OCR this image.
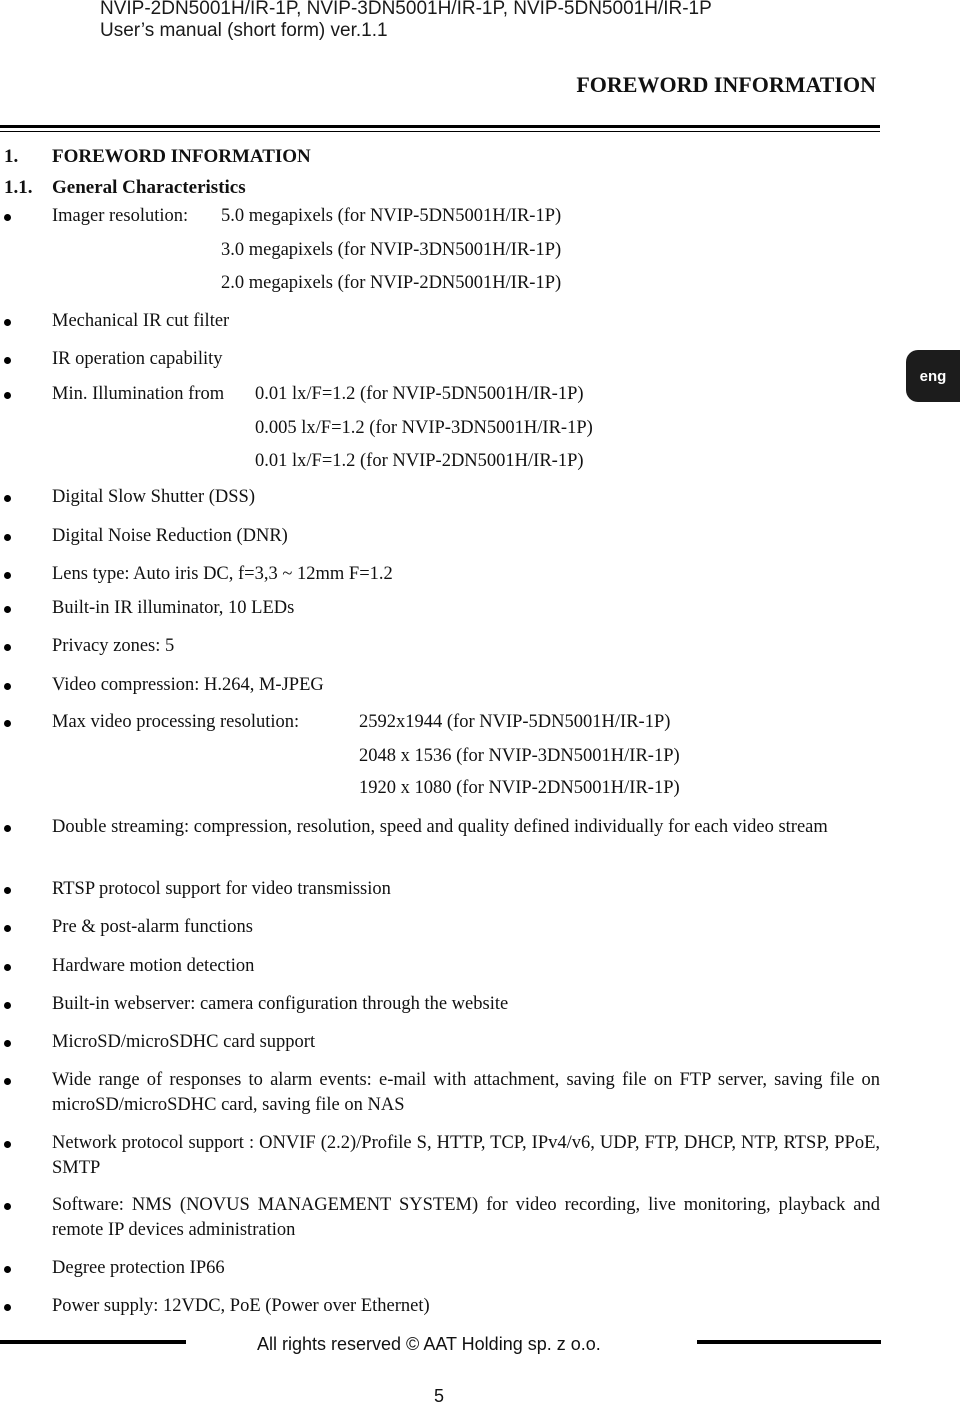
NVIP-2DN5001H/IR-1P, NVIP-3DN5001H/IR-1P, NVIP-5DN5001H/IR-1P
User’s manual (short form) ver.1.1
FOREWORD INFORMATION
eng
1. FOREWORD INFORMATION
1.1. General Characteristics
Imager resolution: 5.0 megapixels (for NVIP-5DN5001H/IR-1P)
3.0 megapixels (for NVIP-3DN5001H/IR-1P)
2.0 megapixels (for NVIP-2DN5001H/IR-1P)
Mechanical IR cut filter
IR operation capability
Min. Illumination from 0.01 lx/F=1.2 (for NVIP-5DN5001H/IR-1P)
0.005 lx/F=1.2 (for NVIP-3DN5001H/IR-1P)
0.01 lx/F=1.2 (for NVIP-2DN5001H/IR-1P)
Digital Slow Shutter (DSS)
Digital Noise Reduction (DNR)
Lens type: Auto iris DC, f=3,3 ~ 12mm F=1.2
Built-in IR illuminator, 10 LEDs
Privacy zones: 5
Video compression: H.264, M-JPEG
Max video processing resolution:	2592x1944 (for NVIP-5DN5001H/IR-1P)
2048 x 1536 (for NVIP-3DN5001H/IR-1P)
1920 x 1080 (for NVIP-2DN5001H/IR-1P)
Double streaming: compression, resolution, speed and quality defined individually for each video stream
RTSP protocol support for video transmission
Pre & post-alarm functions
Hardware motion detection
Built-in webserver: camera configuration through the website
MicroSD/microSDHC card support
Wide range of responses to alarm events: e-mail with attachment, saving file on FTP server, saving file on microSD/microSDHC card, saving file on NAS
Network protocol support : ONVIF (2.2)/Profile S, HTTP, TCP, IPv4/v6, UDP, FTP, DHCP, NTP, RTSP, PPoE, SMTP
Software: NMS (NOVUS MANAGEMENT SYSTEM) for video recording, live monitoring, playback and remote IP devices administration
Degree protection IP66
Power supply: 12VDC, PoE (Power over Ethernet)
All rights reserved © AAT Holding sp. z o.o.
5
